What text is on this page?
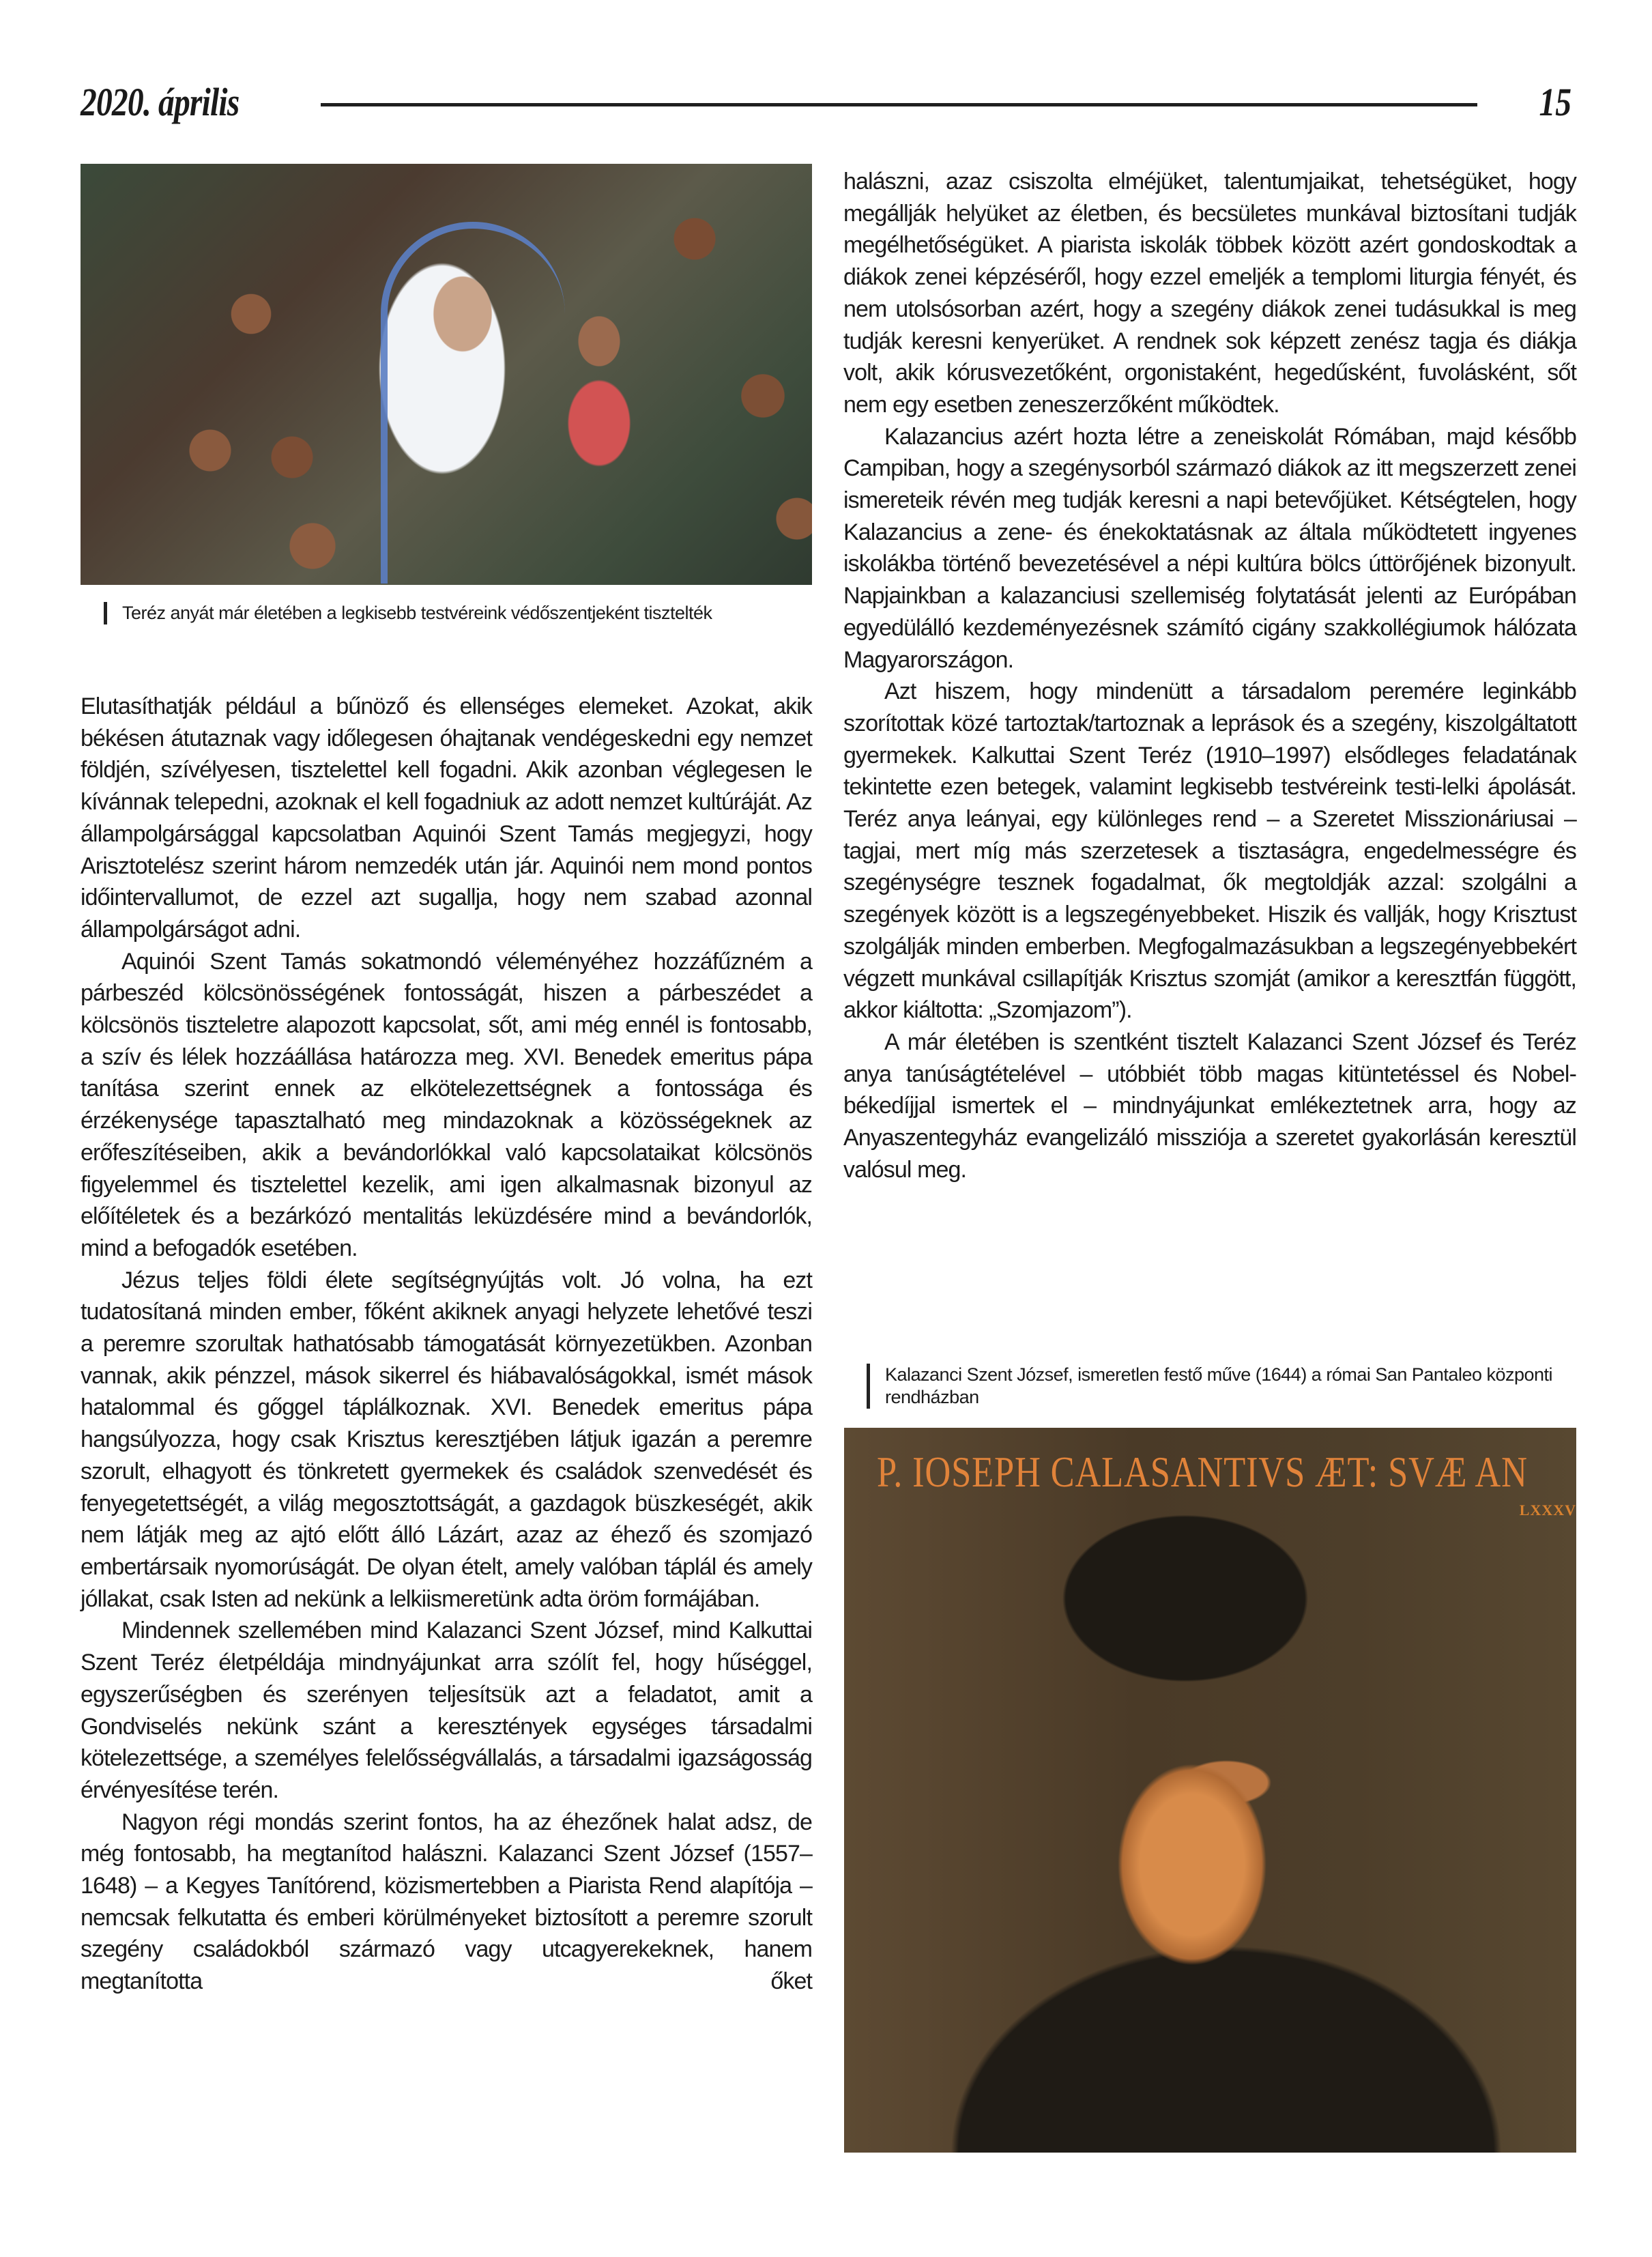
2020. április	15
Teréz anyát már életében a legkisebb testvéreink védőszentjeként tisztelték

Elutasíthatják például a bűnöző és ellenséges elemeket. Azokat, akik békésen átutaznak vagy időlegesen óhajtanak vendégeskedni egy nemzet földjén, szívélyesen, tisztelettel kell fogadni. Akik azonban véglegesen le kívánnak telepedni, azoknak el kell fogadniuk az adott nemzet kultúráját. Az állampolgársággal kapcsolatban Aquinói Szent Tamás megjegyzi, hogy Arisztotelész szerint három nemzedék után jár. Aquinói nem mond pontos időintervallumot, de ezzel azt sugallja, hogy nem szabad azonnal állampolgárságot adni.

Aquinói Szent Tamás sokatmondó véleményéhez hozzáfűzném a párbeszéd kölcsönösségének fontosságát, hiszen a párbeszédet a kölcsönös tiszteletre alapozott kapcsolat, sőt, ami még ennél is fontosabb, a szív és lélek hozzáállása határozza meg. XVI. Benedek emeritus pápa tanítása szerint ennek az elkötelezettségnek a fontossága és érzékenysége tapasztalható meg mindazoknak a közösségeknek az erőfeszítéseiben, akik a bevándorlókkal való kapcsolataikat kölcsönös figyelemmel és tisztelettel kezelik, ami igen alkalmasnak bizonyul az előítéletek és a bezárkózó mentalitás leküzdésére mind a bevándorlók, mind a befogadók esetében.

Jézus teljes földi élete segítségnyújtás volt. Jó volna, ha ezt tudatosítaná minden ember, főként akiknek anyagi helyzete lehetővé teszi a peremre szorultak hathatósabb támogatását környezetükben. Azonban vannak, akik pénzzel, mások sikerrel és hiábavalóságokkal, ismét mások hatalommal és gőggel táplálkoznak. XVI. Benedek emeritus pápa hangsúlyozza, hogy csak Krisztus keresztjében látjuk igazán a peremre szorult, elhagyott és tönkretett gyermekek és családok szenvedését és fenyegetettségét, a világ megosztottságát, a gazdagok büszkeségét, akik nem látják meg az ajtó előtt álló Lázárt, azaz az éhező és szomjazó embertársaik nyomorúságát. De olyan ételt, amely valóban táplál és amely jóllakat, csak Isten ad nekünk a lelkiismeretünk adta öröm formájában.

Mindennek szellemében mind Kalazanci Szent József, mind Kalkuttai Szent Teréz életpéldája mindnyájunkat arra szólít fel, hogy hűséggel, egyszerűségben és szerényen teljesítsük azt a feladatot, amit a Gondviselés nekünk szánt a keresztények egységes társadalmi kötelezettsége, a személyes felelősségvállalás, a társadalmi igazságosság érvényesítése terén.

Nagyon régi mondás szerint fontos, ha az éhezőnek halat adsz, de még fontosabb, ha megtanítod halászni. Kalazanci Szent József (1557–1648) – a Kegyes Tanítórend, közismertebben a Piarista Rend alapítója – nemcsak felkutatta és emberi körülményeket biztosított a peremre szorult szegény családokból származó vagy utcagyerekeknek, hanem megtanította őket

halászni, azaz csiszolta elméjüket, talentumjaikat, tehetségüket, hogy megállják helyüket az életben, és becsületes munkával biztosítani tudják megélhetőségüket. A piarista iskolák többek között azért gondoskodtak a diákok zenei képzéséről, hogy ezzel emeljék a templomi liturgia fényét, és nem utolsósorban azért, hogy a szegény diákok zenei tudásukkal is meg tudják keresni kenyerüket. A rendnek sok képzett zenész tagja és diákja volt, akik kórusvezetőként, orgonistaként, hegedűsként, fuvolásként, sőt nem egy esetben zeneszerzőként működtek.

Kalazancius azért hozta létre a zeneiskolát Rómában, majd később Campiban, hogy a szegénysorból származó diákok az itt megszerzett zenei ismereteik révén meg tudják keresni a napi betevőjüket. Kétségtelen, hogy Kalazancius a zene- és énekoktatásnak az általa működtetett ingyenes iskolákba történő bevezetésével a népi kultúra bölcs úttörőjének bizonyult. Napjainkban a kalazanciusi szellemiség folytatását jelenti az Európában egyedülálló kezdeményezésnek számító cigány szakkollégiumok hálózata Magyarországon.

Azt hiszem, hogy mindenütt a társadalom peremére leginkább szorítottak közé tartoztak/tartoznak a leprások és a szegény, kiszolgáltatott gyermekek. Kalkuttai Szent Teréz (1910–1997) elsődleges feladatának tekintette ezen betegek, valamint legkisebb testvéreink testi-lelki ápolását. Teréz anya leányai, egy különleges rend – a Szeretet Misszionáriusai – tagjai, mert míg más szerzetesek a tisztaságra, engedelmességre és szegénységre tesznek fogadalmat, ők megtoldják azzal: szolgálni a szegények között is a legszegényebbeket. Hiszik és vallják, hogy Krisztust szolgálják minden emberben. Megfogalmazásukban a legszegényebbekért végzett munkával csillapítják Krisztus szomját (amikor a keresztfán függött, akkor kiáltotta: „Szomjazom”).

A már életében is szentként tisztelt Kalazanci Szent József és Teréz anya tanúságtételével – utóbbiét több magas kitüntetéssel és Nobel-békedíjjal ismertek el – mindnyájunkat emlékeztetnek arra, hogy az Anyaszentegyház evangelizáló missziója a szeretet gyakorlásán keresztül valósul meg.

Kalazanci Szent József, ismeretlen festő műve (1644) a római San Pantaleo központi rendházban
P. IOSEPH CALASANTIVS ÆT: SVÆ AN
LXXXV
